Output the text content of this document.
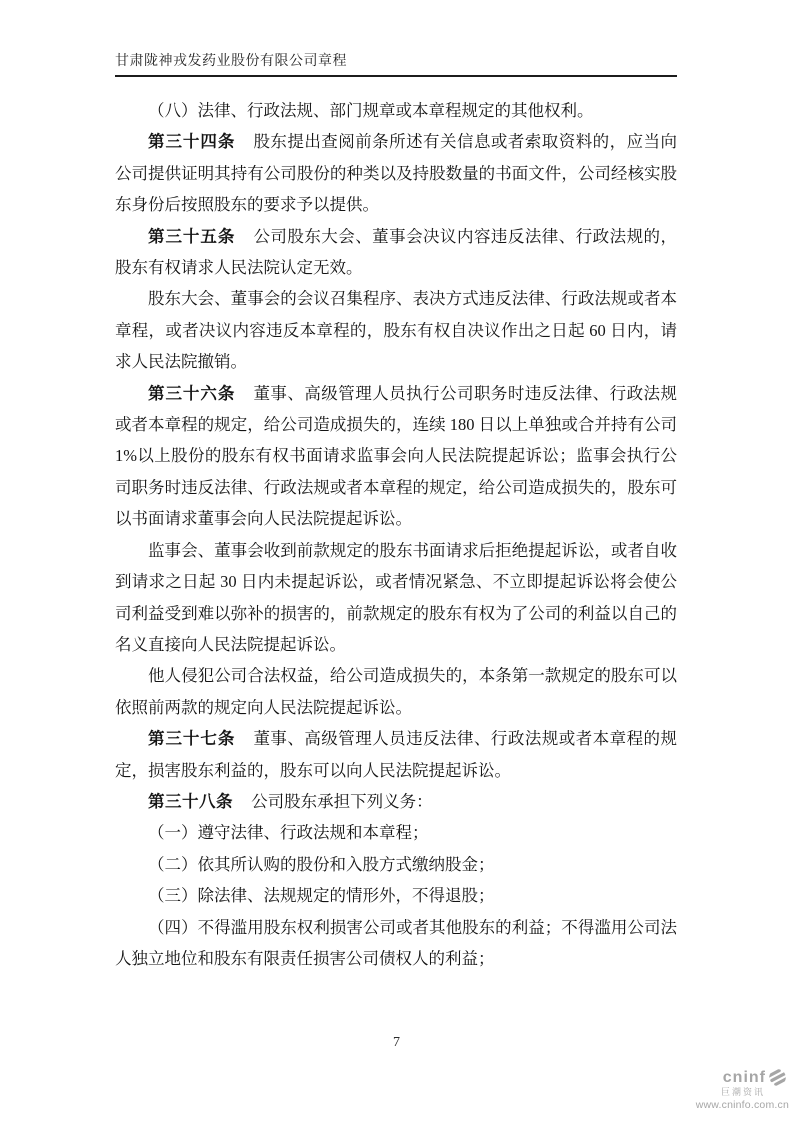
甘肃陇神戎发药业股份有限公司章程

（八）法律、行政法规、部门规章或本章程规定的其他权利。

第三十四条 股东提出查阅前条所述有关信息或者索取资料的，应当向公司提供证明其持有公司股份的种类以及持股数量的书面文件，公司经核实股东身份后按照股东的要求予以提供。

第三十五条 公司股东大会、董事会决议内容违反法律、行政法规的，股东有权请求人民法院认定无效。

股东大会、董事会的会议召集程序、表决方式违反法律、行政法规或者本章程，或者决议内容违反本章程的，股东有权自决议作出之日起 60 日内，请求人民法院撤销。

第三十六条 董事、高级管理人员执行公司职务时违反法律、行政法规或者本章程的规定，给公司造成损失的，连续 180 日以上单独或合并持有公司 1%以上股份的股东有权书面请求监事会向人民法院提起诉讼；监事会执行公司职务时违反法律、行政法规或者本章程的规定，给公司造成损失的，股东可以书面请求董事会向人民法院提起诉讼。

监事会、董事会收到前款规定的股东书面请求后拒绝提起诉讼，或者自收到请求之日起 30 日内未提起诉讼，或者情况紧急、不立即提起诉讼将会使公司利益受到难以弥补的损害的，前款规定的股东有权为了公司的利益以自己的名义直接向人民法院提起诉讼。

他人侵犯公司合法权益，给公司造成损失的，本条第一款规定的股东可以依照前两款的规定向人民法院提起诉讼。

第三十七条 董事、高级管理人员违反法律、行政法规或者本章程的规定，损害股东利益的，股东可以向人民法院提起诉讼。

第三十八条 公司股东承担下列义务：

（一）遵守法律、行政法规和本章程；

（二）依其所认购的股份和入股方式缴纳股金；

（三）除法律、法规规定的情形外，不得退股；

（四）不得滥用股东权利损害公司或者其他股东的利益；不得滥用公司法人独立地位和股东有限责任损害公司债权人的利益；

7
cninf
巨潮资讯
www.cninfo.com.cn
